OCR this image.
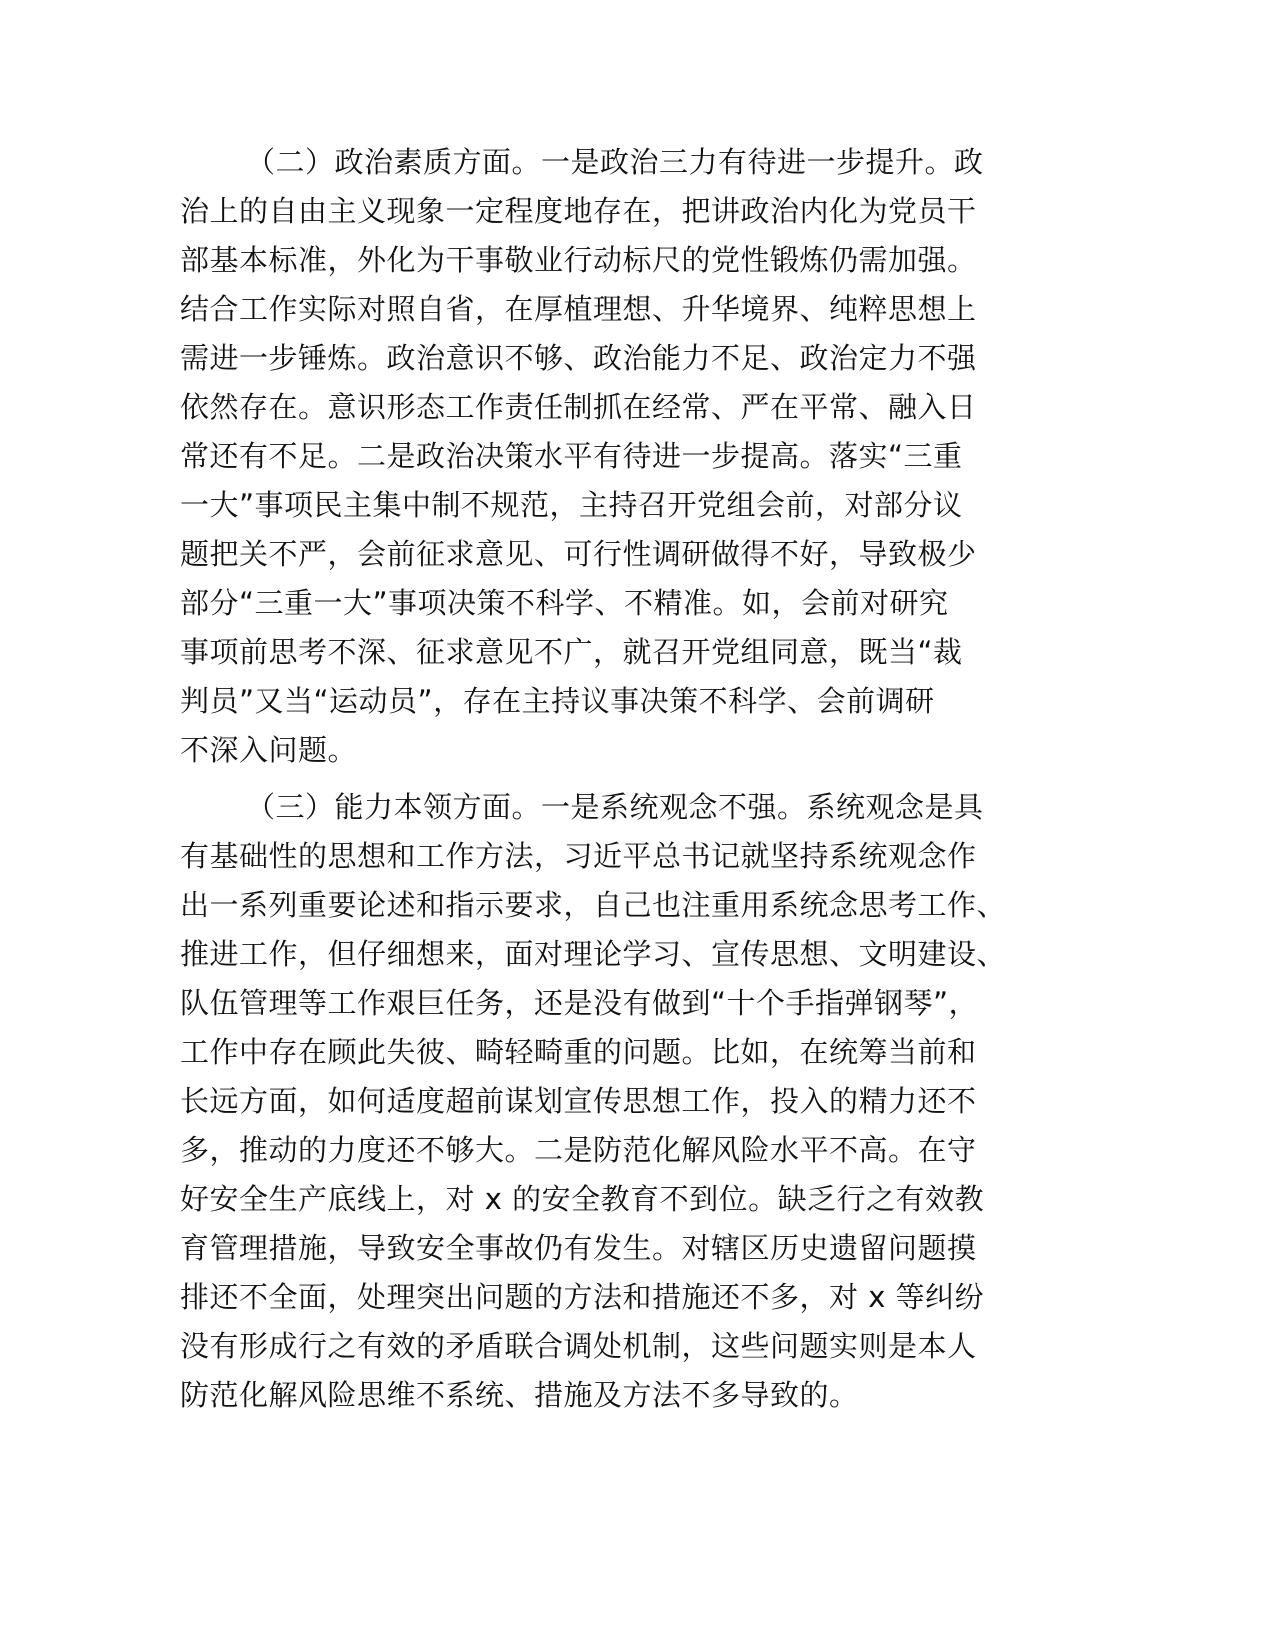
（二）政治素质方面。一是政治三力有待进一步提升。政
治上的自由主义现象一定程度地存在，把讲政治内化为党员干
部基本标准，外化为干事敬业行动标尺的党性锻炼仍需加强。
结合工作实际对照自省，在厚植理想、升华境界、纯粹思想上
需进一步锤炼。政治意识不够、政治能力不足、政治定力不强
依然存在。意识形态工作责任制抓在经常、严在平常、融入日
常还有不足。二是政治决策水平有待进一步提高。落实“三重
一大”事项民主集中制不规范，主持召开党组会前，对部分议
题把关不严，会前征求意见、可行性调研做得不好，导致极少
部分“三重一大”事项决策不科学、不精准。如，会前对研究
事项前思考不深、征求意见不广，就召开党组同意，既当“裁
判员”又当“运动员”，存在主持议事决策不科学、会前调研
不深入问题。
（三）能力本领方面。一是系统观念不强。系统观念是具
有基础性的思想和工作方法，习近平总书记就坚持系统观念作
出一系列重要论述和指示要求，自己也注重用系统念思考工作、
推进工作，但仔细想来，面对理论学习、宣传思想、文明建设、
队伍管理等工作艰巨任务，还是没有做到“十个手指弹钢琴”，
工作中存在顾此失彼、畸轻畸重的问题。比如，在统筹当前和
长远方面，如何适度超前谋划宣传思想工作，投入的精力还不
多，推动的力度还不够大。二是防范化解风险水平不高。在守
好安全生产底线上，对 x 的安全教育不到位。缺乏行之有效教
育管理措施，导致安全事故仍有发生。对辖区历史遗留问题摸
排还不全面，处理突出问题的方法和措施还不多，对 x 等纠纷
没有形成行之有效的矛盾联合调处机制，这些问题实则是本人
防范化解风险思维不系统、措施及方法不多导致的。
